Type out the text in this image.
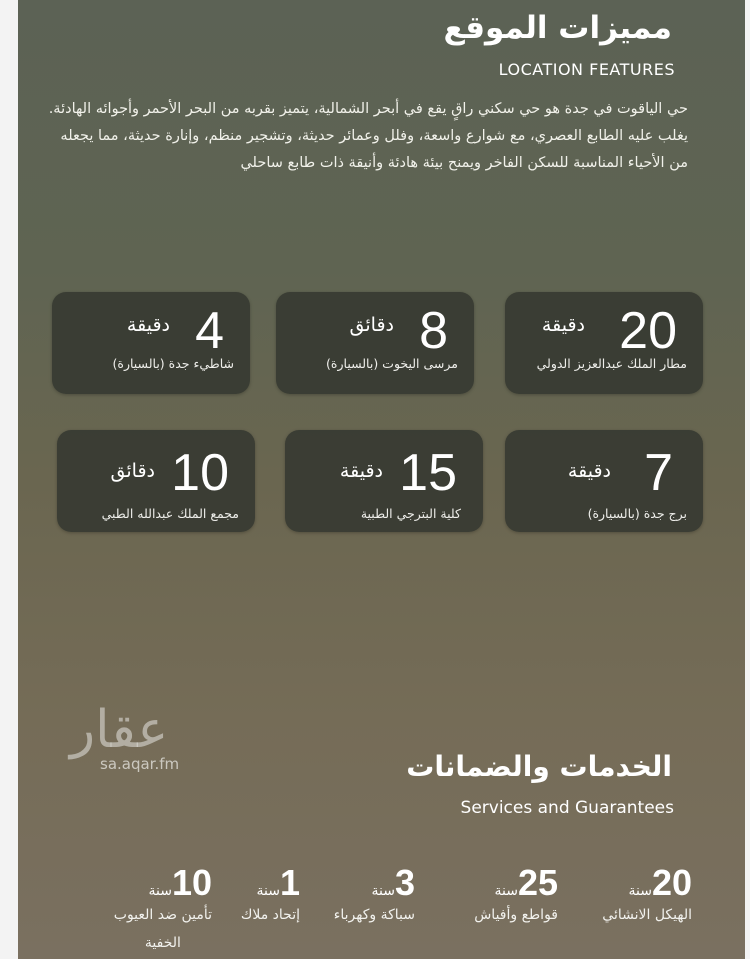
مميزات الموقع
LOCATION FEATURES
حي الياقوت في جدة هو حي سكني راقٍ يقع في أبحر الشمالية، يتميز بقربه من البحر الأحمر وأجوائه الهادئة. يغلب عليه الطابع العصري، مع شوارع واسعة، وفلل وعمائر حديثة، وتشجير منظم، وإنارة حديثة، مما يجعله من الأحياء المناسبة للسكن الفاخر ويمنح بيئة هادئة وأنيقة ذات طابع ساحلي
20
دقيقة
مطار الملك عبدالعزيز الدولي
8
دقائق
مرسى اليخوت (بالسيارة)
4
دقيقة
شاطيء جدة (بالسيارة)
7
دقيقة
برج جدة (بالسيارة)
15
دقيقة
كلية البترجي الطبية
10
دقائق
مجمع الملك عبدالله الطبي
عقار
sa.aqar.fm	الخدمات والضمانات
Services and Guarantees
20سنة
الهيكل الانشائي
25سنة
قواطع وأفياش
3سنة
سباكة وكهرباء
1سنة
إتحاد ملاك
10سنة
تأمين ضد العيوب
الخفية
